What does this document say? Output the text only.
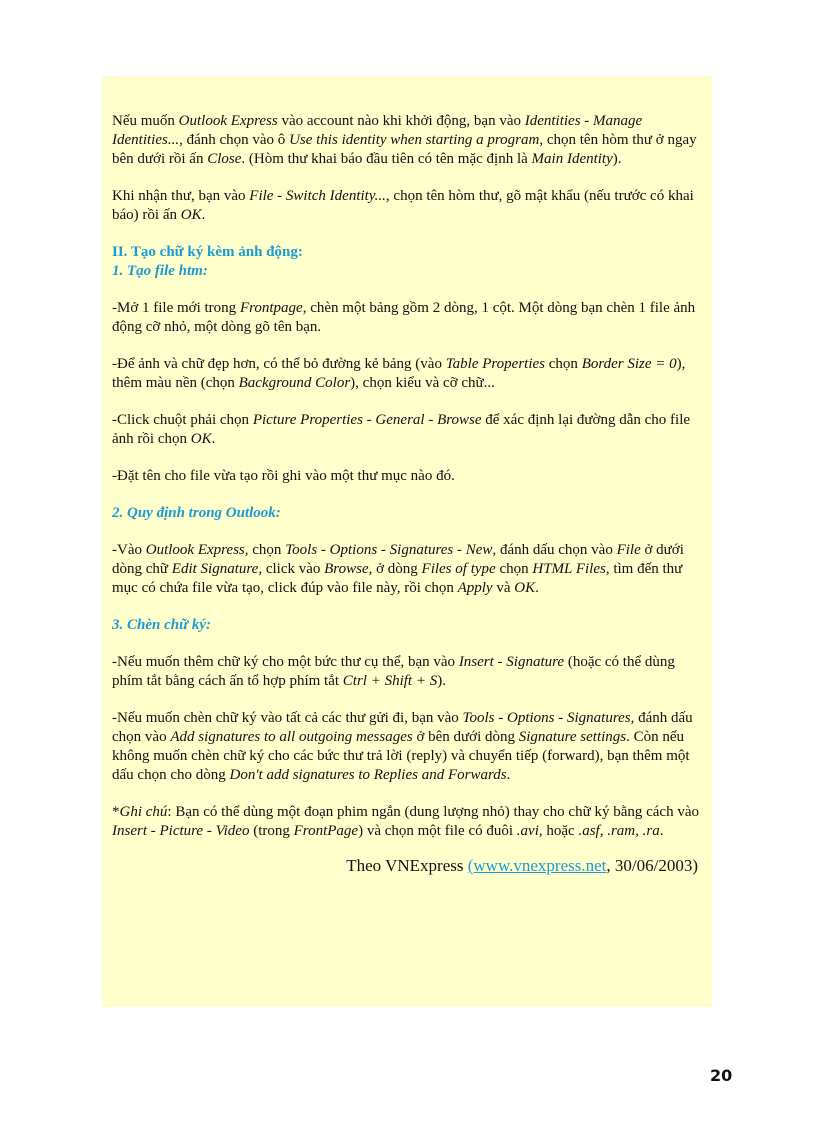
Nếu muốn Outlook Express vào account nào khi khởi động, bạn vào Identities - Manage Identities..., đánh chọn vào ô Use this identity when starting a program, chọn tên hòm thư ở ngay bên dưới rồi ấn Close. (Hòm thư khai báo đầu tiên có tên mặc định là Main Identity).

Khi nhận thư, bạn vào File - Switch Identity..., chọn tên hòm thư, gõ mật khẩu (nếu trước có khai báo) rồi ấn OK.

II. Tạo chữ ký kèm ảnh động:

1. Tạo file htm:

-Mở 1 file mới trong Frontpage, chèn một bảng gồm 2 dòng, 1 cột. Một dòng bạn chèn 1 file ảnh động cỡ nhỏ, một dòng gõ tên bạn.

-Để ảnh và chữ đẹp hơn, có thể bỏ đường kẻ bảng (vào Table Properties chọn Border Size = 0), thêm màu nền (chọn Background Color), chọn kiểu và cỡ chữ...

-Click chuột phải chọn Picture Properties - General - Browse để xác định lại đường dẫn cho file ảnh rồi chọn OK.

-Đặt tên cho file vừa tạo rồi ghi vào một thư mục nào đó.

2. Quy định trong Outlook:

-Vào Outlook Express, chọn Tools - Options - Signatures - New, đánh dấu chọn vào File ở dưới dòng chữ Edit Signature, click vào Browse, ở dòng Files of type chọn HTML Files, tìm đến thư mục có chứa file vừa tạo, click đúp vào file này, rồi chọn Apply và OK.

3. Chèn chữ ký:

-Nếu muốn thêm chữ ký cho một bức thư cụ thể, bạn vào Insert - Signature (hoặc có thể dùng phím tắt bằng cách ấn tổ hợp phím tắt Ctrl + Shift + S).

-Nếu muốn chèn chữ ký vào tất cả các thư gửi đi, bạn vào Tools - Options - Signatures, đánh dấu chọn vào Add signatures to all outgoing messages ở bên dưới dòng Signature settings. Còn nếu không muốn chèn chữ ký cho các bức thư trả lời (reply) và chuyển tiếp (forward), bạn thêm một dấu chọn cho dòng Don't add signatures to Replies and Forwards.

*Ghi chú: Bạn có thể dùng một đoạn phim ngắn (dung lượng nhỏ) thay cho chữ ký bằng cách vào Insert - Picture - Video (trong FrontPage) và chọn một file có đuôi .avi, hoặc .asf, .ram, .ra.

Theo VNExpress (www.vnexpress.net, 30/06/2003)

20
